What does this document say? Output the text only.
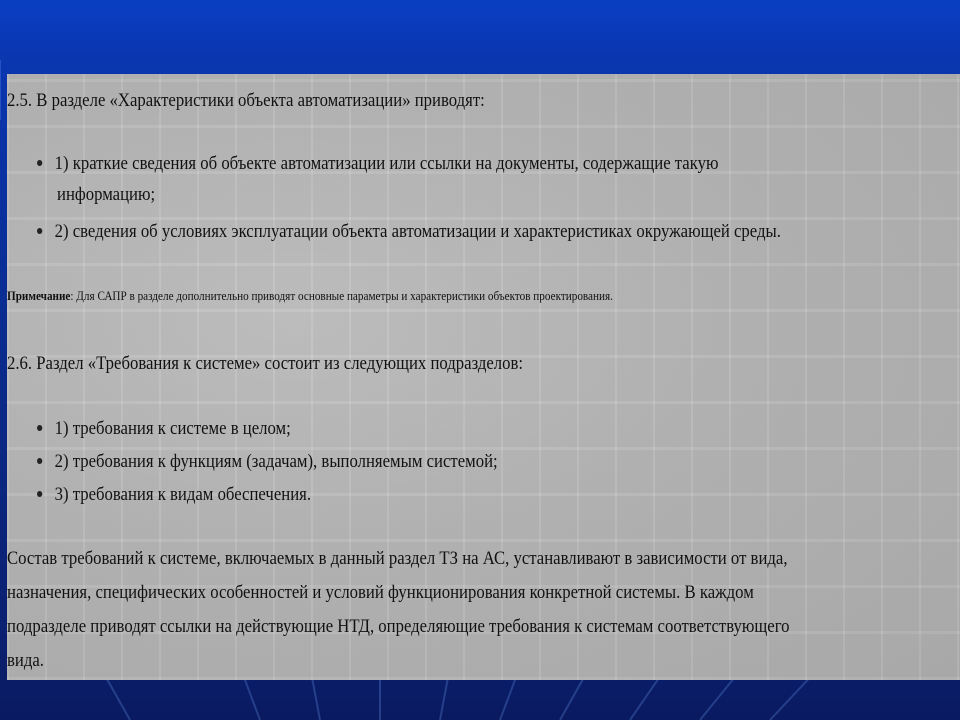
2.5. В разделе «Характеристики объекта автоматизации» приводят:
1) краткие сведения об объекте автоматизации или ссылки на документы, содержащие такую
информацию;
2) сведения об условиях эксплуатации объекта автоматизации и характеристиках окружающей среды.
Примечание: Для САПР в разделе дополнительно приводят основные параметры и характеристики объектов проектирования.
2.6. Раздел «Требования к системе» состоит из следующих подразделов:
1) требования к системе в целом;
2) требования к функциям (задачам), выполняемым системой;
3) требования к видам обеспечения.
Состав требований к системе, включаемых в данный раздел ТЗ на АС, устанавливают в зависимости от вида,
назначения, специфических особенностей и условий функционирования конкретной системы. В каждом
подразделе приводят ссылки на действующие НТД, определяющие требования к системам соответствующего
вида.
